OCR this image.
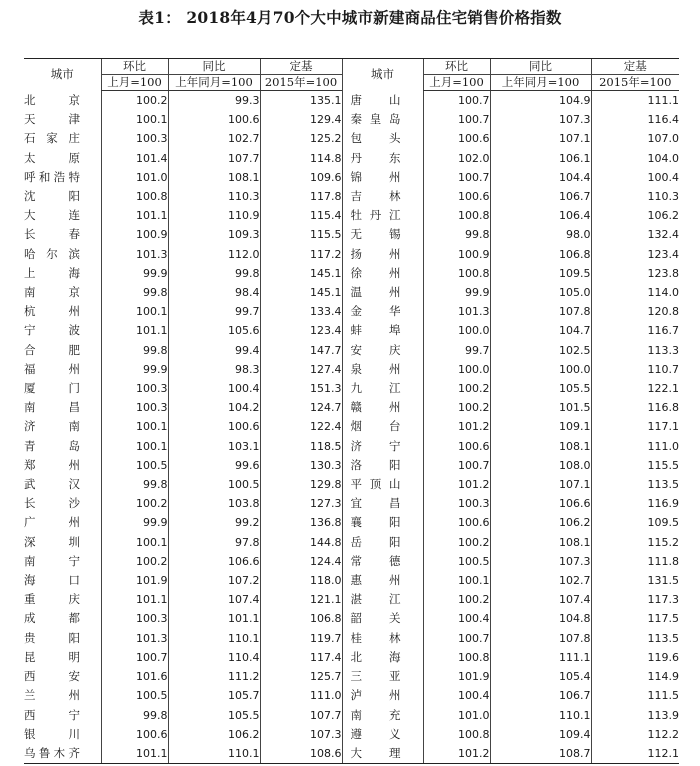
表1： 2018年4月70个大中城市新建商品住宅销售价格指数
城市	环比	同比	定基	城市	环比	同比	定基
	上月=100	上年同月=100	2015年=100		上月=100	上年同月=100	2015年=100

北　京	100.2	99.3	135.1	唐　山	100.7	104.9	111.1

天　津	100.1	100.6	129.4	秦皇岛	100.7	107.3	116.4

石家庄	100.3	102.7	125.2	包　头	100.6	107.1	107.0

太　原	101.4	107.7	114.8	丹　东	102.0	106.1	104.0

呼和浩特	101.0	108.1	109.6	锦　州	100.7	104.4	100.4

沈　阳	100.8	110.3	117.8	吉　林	100.6	106.7	110.3

大　连	101.1	110.9	115.4	牡丹江	100.8	106.4	106.2

长　春	100.9	109.3	115.5	无　锡	99.8	98.0	132.4

哈尔滨	101.3	112.0	117.2	扬　州	100.9	106.8	123.4

上　海	99.9	99.8	145.1	徐　州	100.8	109.5	123.8

南　京	99.8	98.4	145.1	温　州	99.9	105.0	114.0

杭　州	100.1	99.7	133.4	金　华	101.3	107.8	120.8

宁　波	101.1	105.6	123.4	蚌　埠	100.0	104.7	116.7

合　肥	99.8	99.4	147.7	安　庆	99.7	102.5	113.3

福　州	99.9	98.3	127.4	泉　州	100.0	100.0	110.7

厦　门	100.3	100.4	151.3	九　江	100.2	105.5	122.1

南　昌	100.3	104.2	124.7	赣　州	100.2	101.5	116.8

济　南	100.1	100.6	122.4	烟　台	101.2	109.1	117.1

青　岛	100.1	103.1	118.5	济　宁	100.6	108.1	111.0

郑　州	100.5	99.6	130.3	洛　阳	100.7	108.0	115.5

武　汉	99.8	100.5	129.8	平顶山	101.2	107.1	113.5

长　沙	100.2	103.8	127.3	宜　昌	100.3	106.6	116.9

广　州	99.9	99.2	136.8	襄　阳	100.6	106.2	109.5

深　圳	100.1	97.8	144.8	岳　阳	100.2	108.1	115.2

南　宁	100.2	106.6	124.4	常　德	100.5	107.3	111.8

海　口	101.9	107.2	118.0	惠　州	100.1	102.7	131.5

重　庆	101.1	107.4	121.1	湛　江	100.2	107.4	117.3

成　都	100.3	101.1	106.8	韶　关	100.4	104.8	117.5

贵　阳	101.3	110.1	119.7	桂　林	100.7	107.8	113.5

昆　明	100.7	110.4	117.4	北　海	100.8	111.1	119.6

西　安	101.6	111.2	125.7	三　亚	101.9	105.4	114.9

兰　州	100.5	105.7	111.0	泸　州	100.4	106.7	111.5

西　宁	99.8	105.5	107.7	南　充	101.0	110.1	113.9

银　川	100.6	106.2	107.3	遵　义	100.8	109.4	112.2

乌鲁木齐	101.1	110.1	108.6	大　理	101.2	108.7	112.1
